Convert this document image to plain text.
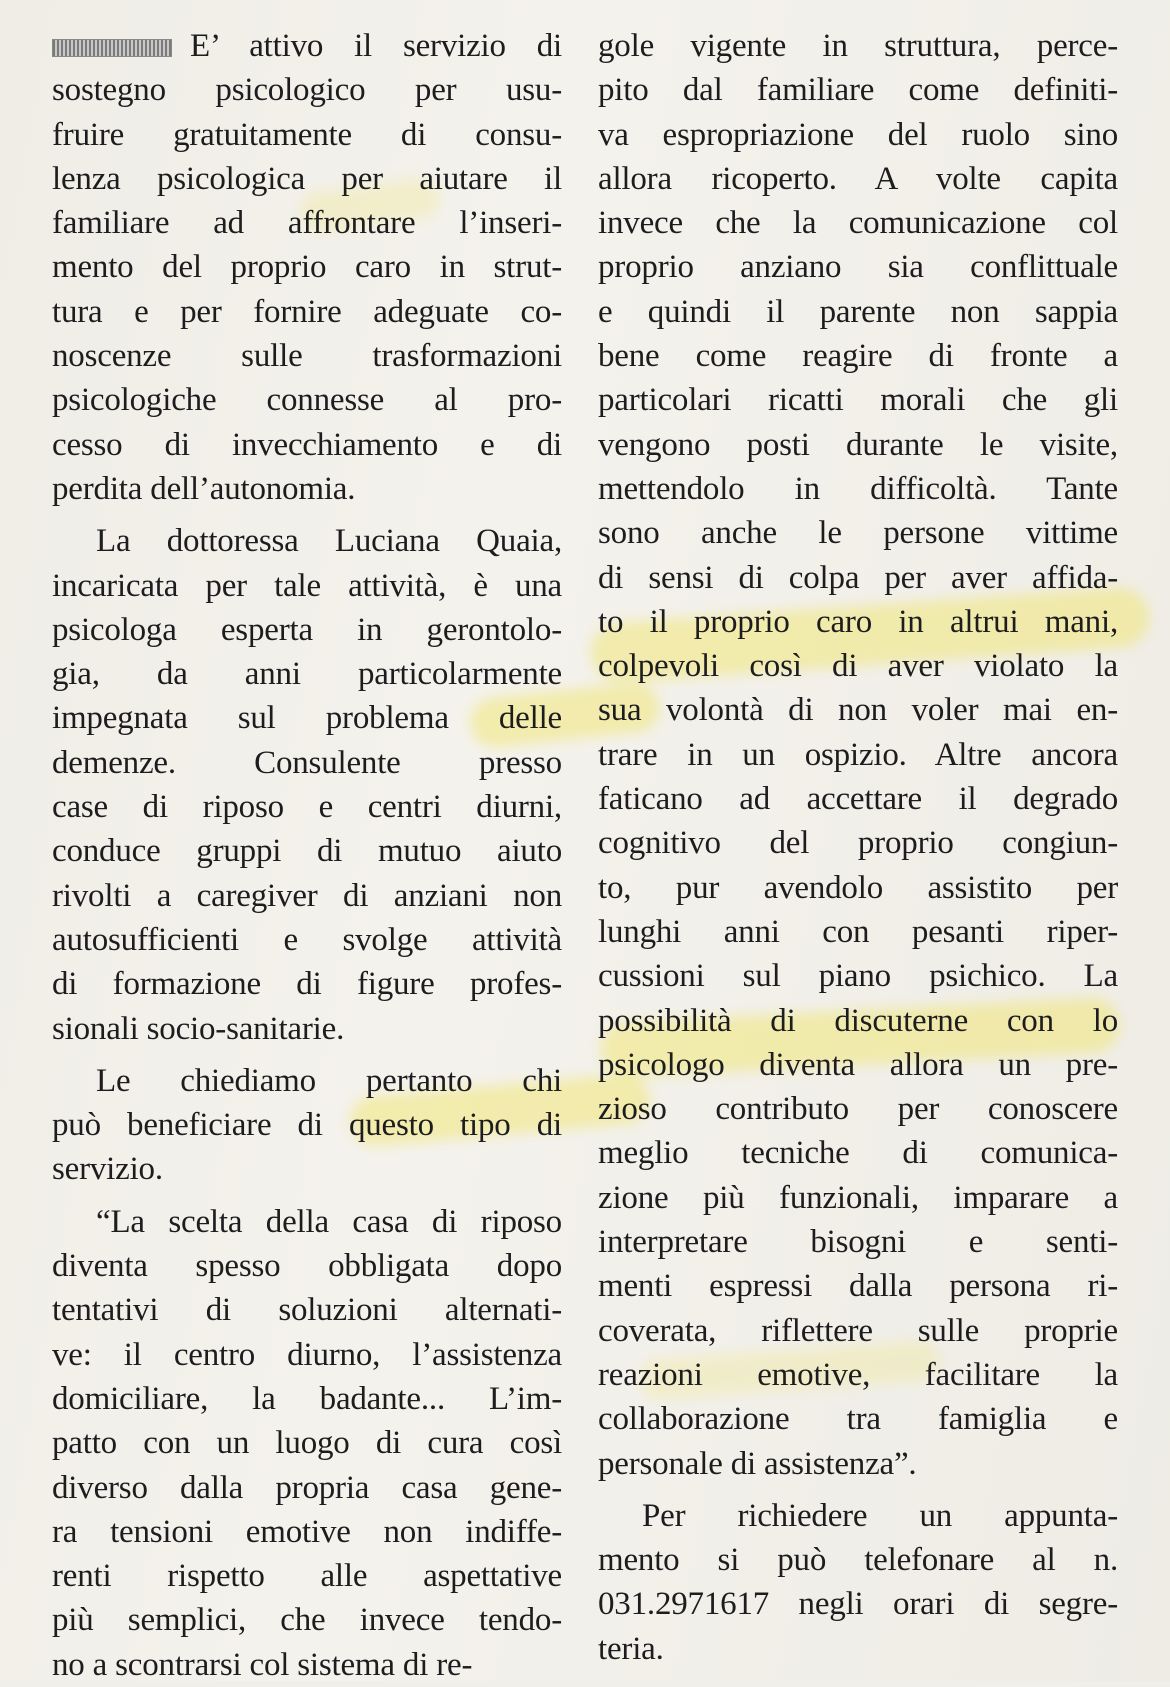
E’ attivo il servizio di
sostegno psicologico per usu-
fruire gratuitamente di consu-
lenza psicologica per aiutare il
familiare ad affrontare l’inseri-
mento del proprio caro in strut-
tura e per fornire adeguate co-
noscenze sulle trasformazioni
psicologiche connesse al pro-
cesso di invecchiamento e di
perdita dell’autonomia.
La dottoressa Luciana Quaia,
incaricata per tale attività, è una
psicologa esperta in gerontolo-
gia, da anni particolarmente
impegnata sul problema delle
demenze. Consulente presso
case di riposo e centri diurni,
conduce gruppi di mutuo aiuto
rivolti a caregiver di anziani non
autosufficienti e svolge attività
di formazione di figure profes-
sionali socio-sanitarie.
Le chiediamo pertanto chi
può beneficiare di questo tipo di
servizio.
“La scelta della casa di riposo
diventa spesso obbligata dopo
tentativi di soluzioni alternati-
ve: il centro diurno, l’assistenza
domiciliare, la badante... L’im-
patto con un luogo di cura così
diverso dalla propria casa gene-
ra tensioni emotive non indiffe-
renti rispetto alle aspettative
più semplici, che invece tendo-
no a scontrarsi col sistema di re-
gole vigente in struttura, perce-
pito dal familiare come definiti-
va espropriazione del ruolo sino
allora ricoperto. A volte capita
invece che la comunicazione col
proprio anziano sia conflittuale
e quindi il parente non sappia
bene come reagire di fronte a
particolari ricatti morali che gli
vengono posti durante le visite,
mettendolo in difficoltà. Tante
sono anche le persone vittime
di sensi di colpa per aver affida-
to il proprio caro in altrui mani,
colpevoli così di aver violato la
sua volontà di non voler mai en-
trare in un ospizio. Altre ancora
faticano ad accettare il degrado
cognitivo del proprio congiun-
to, pur avendolo assistito per
lunghi anni con pesanti riper-
cussioni sul piano psichico. La
possibilità di discuterne con lo
psicologo diventa allora un pre-
zioso contributo per conoscere
meglio tecniche di comunica-
zione più funzionali, imparare a
interpretare bisogni e senti-
menti espressi dalla persona ri-
coverata, riflettere sulle proprie
reazioni emotive, facilitare la
collaborazione tra famiglia e
personale di assistenza”.
Per richiedere un appunta-
mento si può telefonare al n.
031.2971617 negli orari di segre-
teria.
